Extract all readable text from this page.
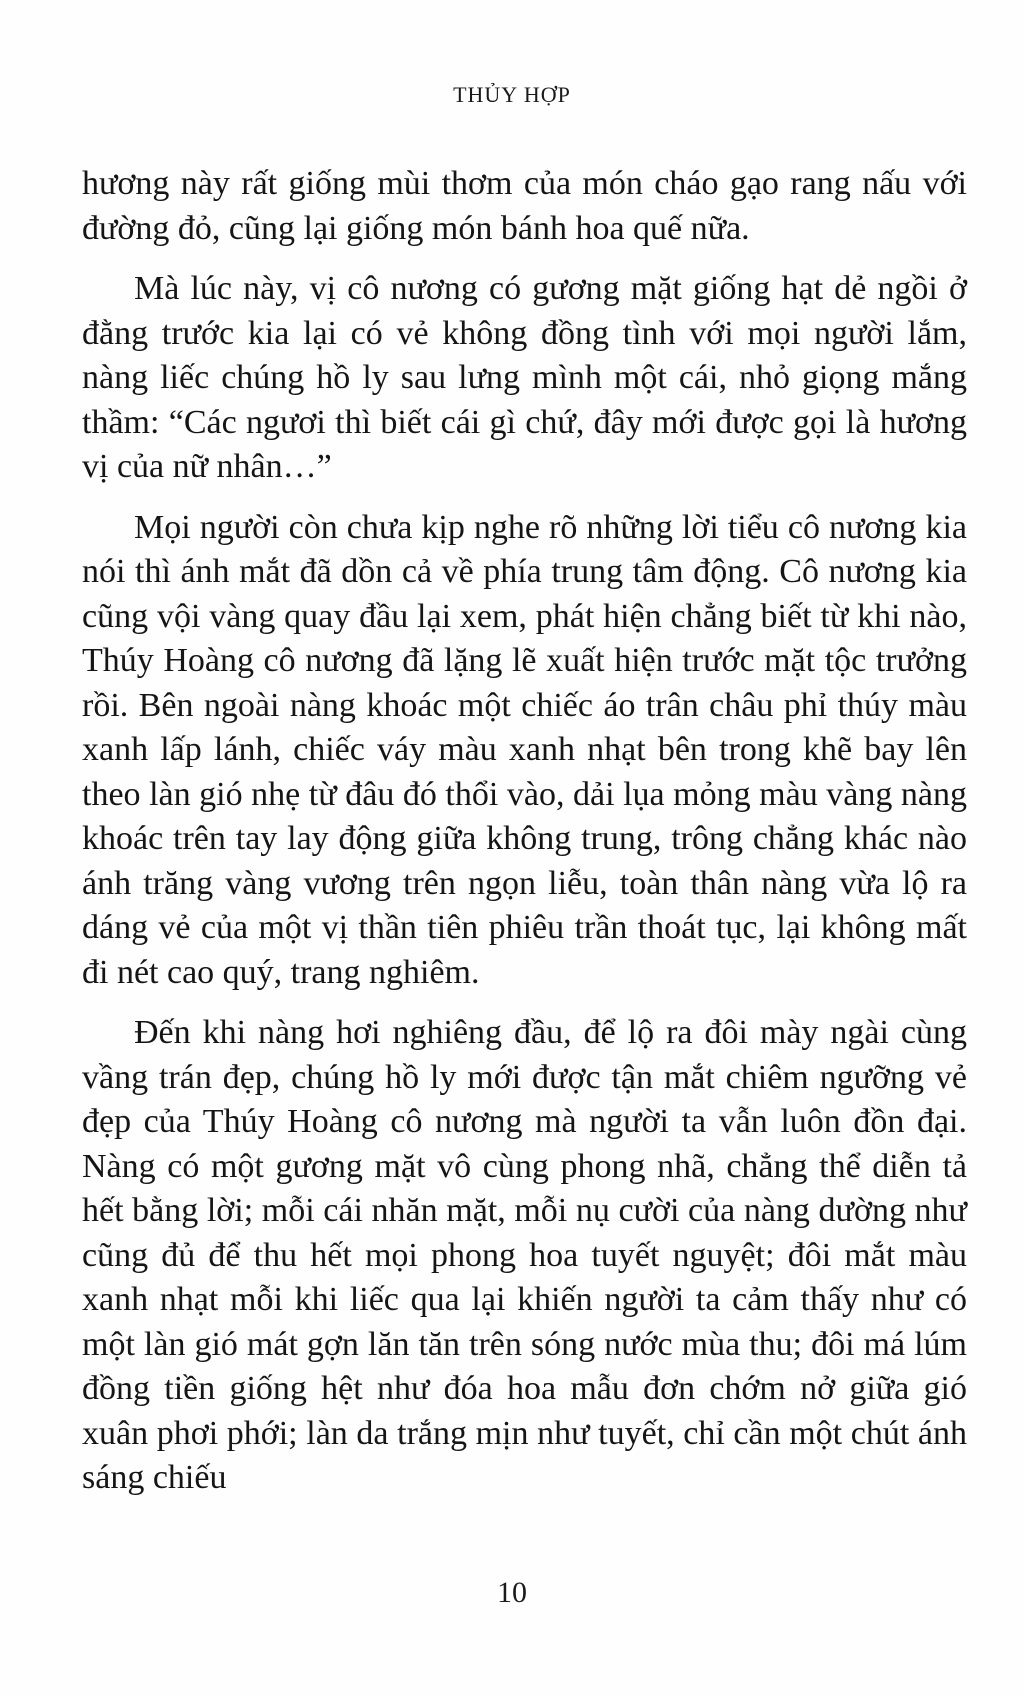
THỦY HỢP

hương này rất giống mùi thơm của món cháo gạo rang nấu với đường đỏ, cũng lại giống món bánh hoa quế nữa.

Mà lúc này, vị cô nương có gương mặt giống hạt dẻ ngồi ở đằng trước kia lại có vẻ không đồng tình với mọi người lắm, nàng liếc chúng hồ ly sau lưng mình một cái, nhỏ giọng mắng thầm: “Các ngươi thì biết cái gì chứ, đây mới được gọi là hương vị của nữ nhân…”

Mọi người còn chưa kịp nghe rõ những lời tiểu cô nương kia nói thì ánh mắt đã dồn cả về phía trung tâm động. Cô nương kia cũng vội vàng quay đầu lại xem, phát hiện chẳng biết từ khi nào, Thúy Hoàng cô nương đã lặng lẽ xuất hiện trước mặt tộc trưởng rồi. Bên ngoài nàng khoác một chiếc áo trân châu phỉ thúy màu xanh lấp lánh, chiếc váy màu xanh nhạt bên trong khẽ bay lên theo làn gió nhẹ từ đâu đó thổi vào, dải lụa mỏng màu vàng nàng khoác trên tay lay động giữa không trung, trông chẳng khác nào ánh trăng vàng vương trên ngọn liễu, toàn thân nàng vừa lộ ra dáng vẻ của một vị thần tiên phiêu trần thoát tục, lại không mất đi nét cao quý, trang nghiêm.

Đến khi nàng hơi nghiêng đầu, để lộ ra đôi mày ngài cùng vầng trán đẹp, chúng hồ ly mới được tận mắt chiêm ngưỡng vẻ đẹp của Thúy Hoàng cô nương mà người ta vẫn luôn đồn đại. Nàng có một gương mặt vô cùng phong nhã, chẳng thể diễn tả hết bằng lời; mỗi cái nhăn mặt, mỗi nụ cười của nàng dường như cũng đủ để thu hết mọi phong hoa tuyết nguyệt; đôi mắt màu xanh nhạt mỗi khi liếc qua lại khiến người ta cảm thấy như có một làn gió mát gợn lăn tăn trên sóng nước mùa thu; đôi má lúm đồng tiền giống hệt như đóa hoa mẫu đơn chớm nở giữa gió xuân phơi phới; làn da trắng mịn như tuyết, chỉ cần một chút ánh sáng chiếu

10
